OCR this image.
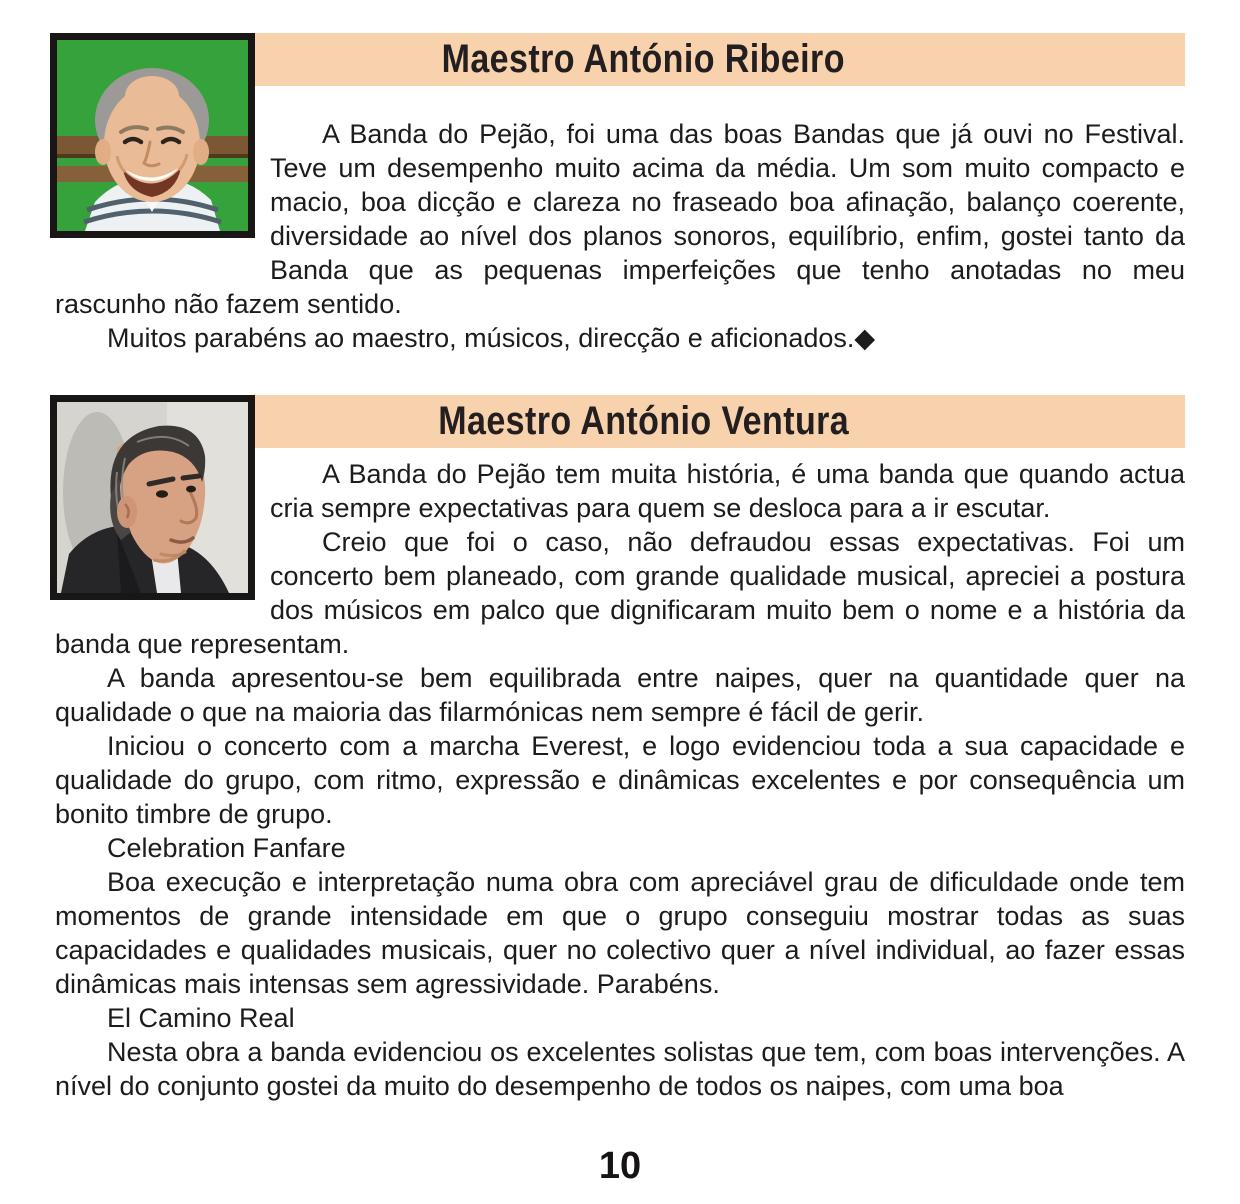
Maestro António Ribeiro

A Banda do Pejão, foi uma das boas Bandas que já ouvi no Festival. Teve um desempenho muito acima da média. Um som muito compacto e macio, boa dicção e clareza no fraseado boa afinação, balanço coerente, diversidade ao nível dos planos sonoros, equilíbrio, enfim, gostei tanto da Banda que as pequenas imperfeições que tenho anotadas no meu rascunho não fazem sentido.

Muitos parabéns ao maestro, músicos, direcção e aficionados.◆

Maestro António Ventura

A Banda do Pejão tem muita história, é uma banda que quando actua cria sempre expectativas para quem se desloca para a ir escutar.

Creio que foi o caso, não defraudou essas expectativas. Foi um concerto bem planeado, com grande qualidade musical, apreciei a postura dos músicos em palco que dignificaram muito bem o nome e a história da banda que representam.

A banda apresentou-se bem equilibrada entre naipes, quer na quantidade quer na qualidade o que na maioria das filarmónicas nem sempre é fácil de gerir.

Iniciou o concerto com a marcha Everest, e logo evidenciou toda a sua capacidade e qualidade do grupo, com ritmo, expressão e dinâmicas excelentes e por consequência um bonito timbre de grupo.

Celebration Fanfare

Boa execução e interpretação numa obra com apreciável grau de dificuldade onde tem momentos de grande intensidade em que o grupo conseguiu mostrar todas as suas capacidades e qualidades musicais, quer no colectivo quer a nível individual, ao fazer essas dinâmicas mais intensas sem agressividade. Parabéns.

El Camino Real

Nesta obra a banda evidenciou os excelentes solistas que tem, com boas intervenções. A nível do conjunto gostei da muito do desempenho de todos os naipes, com uma boa

10
